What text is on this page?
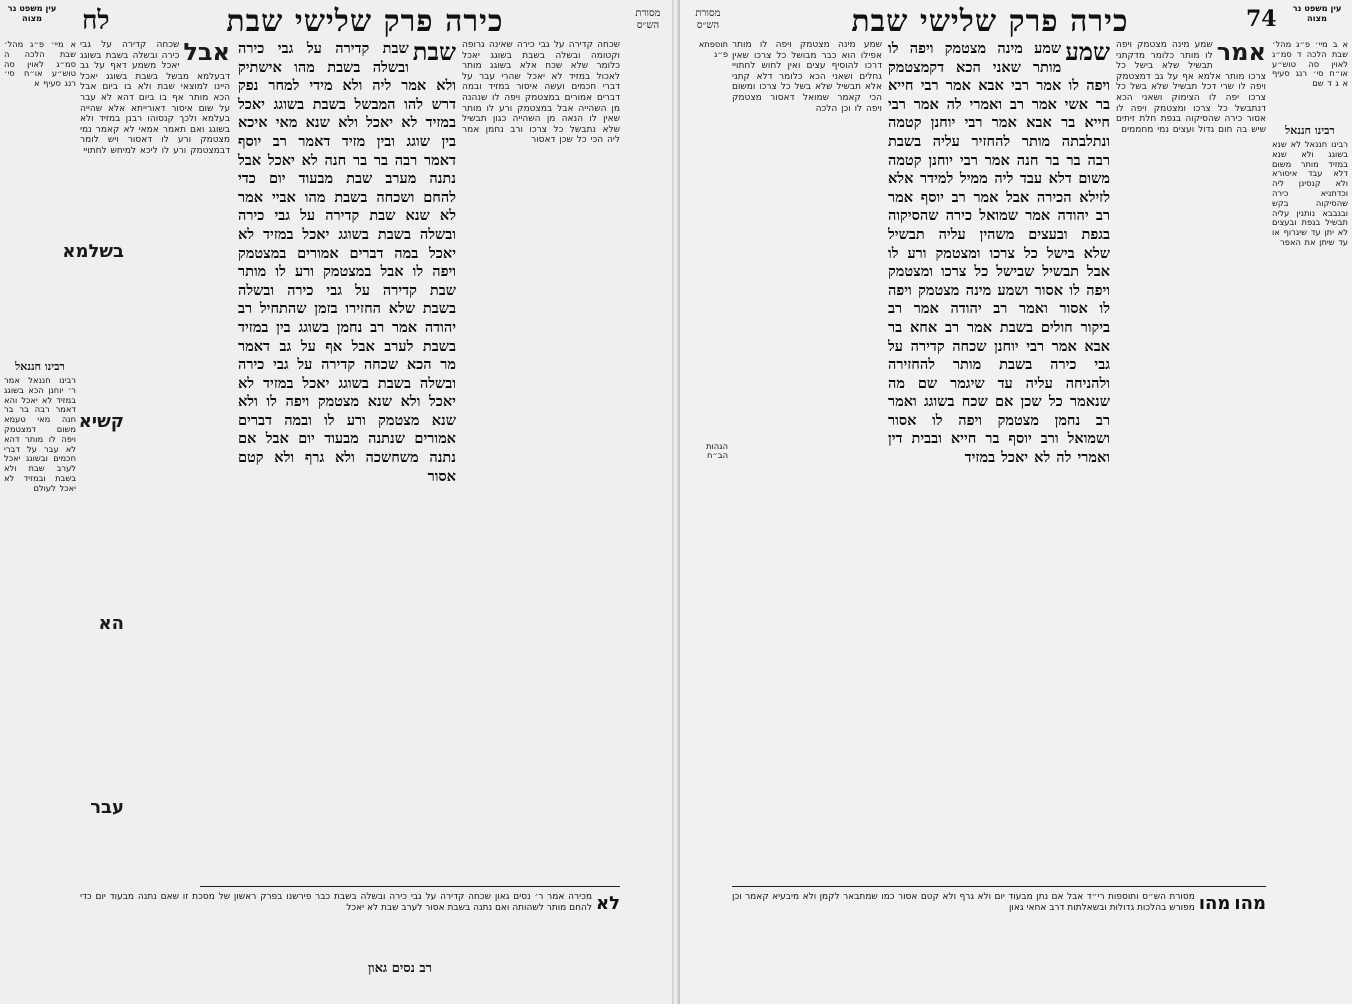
עין משפט נר מצוה	לח	כירה פרק שלישי שבת	מסורת הש״ס
א מיי׳ פ״ג מהל׳ שבת הלכה ה סמ״ג לאוין סה טוש״ע או״ח סי׳ רנג סעיף א
רבינו חננאל
רבינו חננאל אמר ר׳ יוחנן הכא בשוגג במזיד לא יאכל והא דאמר רבה בר בר חנה מאי טעמא משום דמצטמק ויפה לו מותר דהא לא עבר על דברי חכמים ובשוגג יאכל לערב שבת ולא בשבת ובמזיד לא יאכל לעולם
אבל
שכחה קדירה על גבי כירה ובשלה בשבת בשוגג יאכל משמע דאף על גב דבעלמא מבשל בשבת בשוגג יאכל היינו למוצאי שבת ולא בו ביום אבל הכא מותר אף בו ביום דהא לא עבר על שום איסור דאורייתא אלא שהייה בעלמא ולכך קנסוהו רבנן במזיד ולא בשוגג ואם תאמר אמאי לא קאמר נמי מצטמק ורע לו דאסור ויש לומר דבמצטמק ורע לו ליכא למיחש לחתויי
שבת
שבת קדירה על גבי כירה ובשלה בשבת מהו אישתיק ולא אמר ליה ולא מידי למחר נפק דרש להו המבשל בשבת בשוגג יאכל במזיד לא יאכל ולא שנא מאי איכא בין שוגג ובין מזיד דאמר רב יוסף דאמר רבה בר בר חנה לא יאכל אבל נתנה מערב שבת מבעוד יום כדי להחם ושכחה בשבת מהו אביי אמר לא שנא שבת קדירה על גבי כירה ובשלה בשבת בשוגג יאכל במזיד לא יאכל במה דברים אמורים במצטמק ויפה לו אבל במצטמק ורע לו מותר שבת קדירה על גבי כירה ובשלה בשבת שלא החזירו בזמן שהתחיל רב יהודה אמר רב נחמן בשוגג בין במזיד בשבת לערב אבל אף על גב דאמר מר הכא שכחה קדירה על גבי כירה ובשלה בשבת בשוגג יאכל במזיד לא יאכל ולא שנא מצטמק ויפה לו ולא שנא מצטמק ורע לו ובמה דברים אמורים שנתנה מבעוד יום אבל אם נתנה משחשכה ולא גרף ולא קטם אסור
שכחה קדירה על גבי כירה שאינה גרופה וקטומה ובשלה בשבת בשוגג יאכל כלומר שלא שכח אלא בשוגג מותר לאכול במזיד לא יאכל שהרי עבר על דברי חכמים ועשה איסור במזיד ובמה דברים אמורים במצטמק ויפה לו שנהנה מן השהייה אבל במצטמק ורע לו מותר שאין לו הנאה מן השהייה כגון תבשיל שלא נתבשל כל צרכו ורב נחמן אמר ליה הכי כל שכן דאסור
רב נסים גאון
לא
מכירה אמר ר׳ נסים גאון שכחה קדירה על גבי כירה ובשלה בשבת כבר פירשנו בפרק ראשון של מסכת זו שאם נתנה מבעוד יום כדי להחם מותר לשהותה ואם נתנה בשבת אסור לערב שבת לא יאכל
מסורת הש״ס	כירה פרק שלישי שבת	74	עין משפט נר מצוה
תוספתא פ״ג

הגהות הב״ח
שמע מינה מצטמק ויפה לו מותר אפילו הוא כבר מבושל כל צרכו שאין דרכו להוסיף עצים ואין לחוש לחתויי גחלים ושאני הכא כלומר דלא קתני אלא תבשיל שלא בשל כל צרכו ומשום הכי קאמר שמואל דאסור מצטמק ויפה לו וכן הלכה
שמע
שמע מינה מצטמק ויפה לו מותר שאני הכא דקמצטמק ויפה לו אמר רבי אבא אמר רבי חייא בר אשי אמר רב ואמרי לה אמר רבי חייא בר אבא אמר רבי יוחנן קטמה ונתלבתה מותר להחזיר עליה בשבת רבה בר בר חנה אמר רבי יוחנן קטמה משום דלא עבד ליה ממיל למידר אלא לזילא הכירה אבל אמר רב יוסף אמר רב יהודה אמר שמואל כירה שהסיקוה בגפת ובעצים משהין עליה תבשיל שלא בישל כל צרכו ומצטמק ורע לו אבל תבשיל שבישל כל צרכו ומצטמק ויפה לו אסור ושמע מינה מצטמק ויפה לו אסור ואמר רב יהודה אמר רב ביקור חולים בשבת אמר רב אחא בר אבא אמר רבי יוחנן שכחה קדירה על גבי כירה בשבת מותר להחזירה ולהניחה עליה עד שיגמר שם מה שנאמר כל שכן אם שכח בשוגג ואמר רב נחמן מצטמק ויפה לו אסור ושמואל ורב יוסף בר חייא ובבית דין ואמרי לה לא יאכל במזיד
אמר
שמע מינה מצטמק ויפה לו מותר כלומר מדקתני תבשיל שלא בישל כל צרכו מותר אלמא אף על גב דמצטמק ויפה לו שרי דכל תבשיל שלא בשל כל צרכו יפה לו הצימוק ושאני הכא דנתבשל כל צרכו ומצטמק ויפה לו אסור כירה שהסיקוה בגפת חלת זיתים שיש בה חום גדול ועצים נמי מחממים
א ב מיי׳ פ״ג מהל׳ שבת הלכה ד סמ״ג לאוין סה טוש״ע או״ח סי׳ רנג סעיף א ג ד שם
רבינו חננאל
רבינו חננאל לא שנא בשוגג ולא שנא במזיד מותר משום דלא עבד איסורא ולא קנסינן ליה וכדתניא כירה שהסיקוה בקש ובגבבא נותנין עליה תבשיל בגפת ובעצים לא יתן עד שיגרוף או עד שיתן את האפר
מהו
מהו
מסורת הש״ס ותוספות רי״ד אבל אם נתן מבעוד יום ולא גרף ולא קטם אסור כמו שמתבאר לקמן ולא מיבעיא קאמר וכן מפורש בהלכות גדולות ובשאלתות דרב אחאי גאון
בשלמא
קשיא
הא
עבר
